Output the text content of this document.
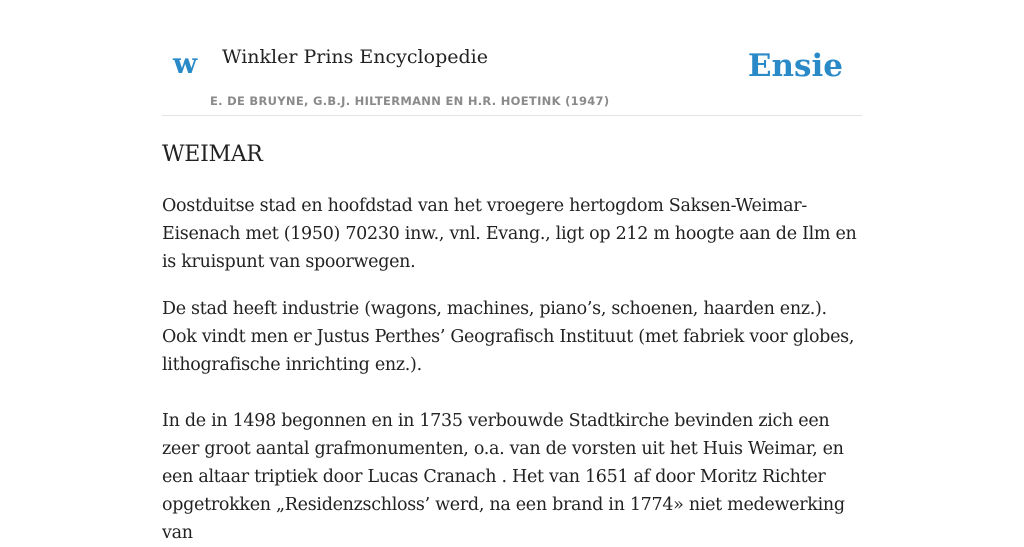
w Winkler Prins Encyclopedie
E. DE BRUYNE, G.B.J. HILTERMANN EN H.R. HOETINK (1947)
Ensie
WEIMAR

Oostduitse stad en hoofdstad van het vroegere hertogdom Saksen-Weimar-Eisenach met (1950) 70230 inw., vnl. Evang., ligt op 212 m hoogte aan de Ilm en is kruispunt van spoorwegen.

De stad heeft industrie (wagons, machines, piano’s, schoenen, haarden enz.). Ook vindt men er Justus Perthes’ Geografisch Instituut (met fabriek voor globes, lithografische inrichting enz.).

In de in 1498 begonnen en in 1735 verbouwde Stadtkirche bevinden zich een zeer groot aantal grafmonumenten, o.a. van de vorsten uit het Huis Weimar, en een altaar triptiek door Lucas Cranach . Het van 1651 af door Moritz Richter opgetrokken „Residenzschloss’ werd, na een brand in 1774» niet medewerking van
